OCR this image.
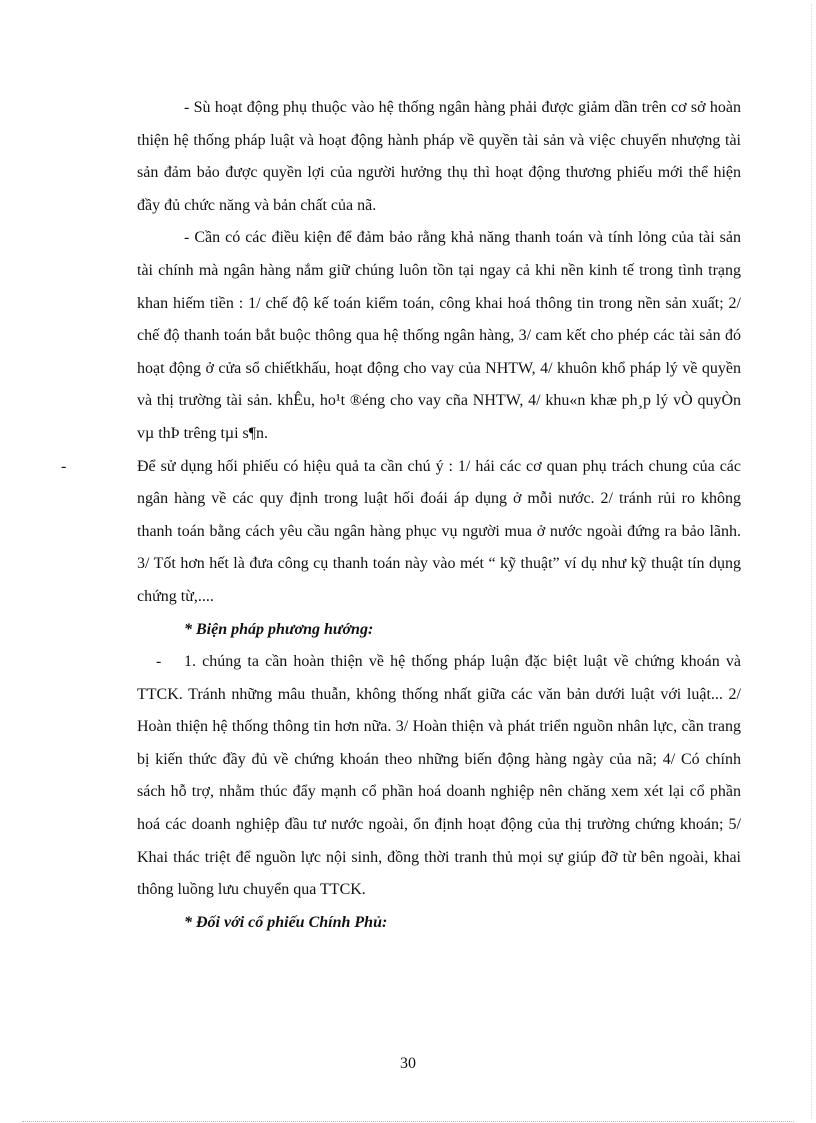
- Sù hoạt động phụ thuộc vào hệ thống ngân hàng phải được giảm dần trên cơ sở hoàn thiện hệ thống pháp luật và hoạt động hành pháp về quyền tài sản và việc chuyển nhượng tài sản đảm bảo được quyền lợi của người hưởng thụ thì hoạt động thương phiếu mới thể hiện đầy đủ chức năng và bản chất của nã.

- Cần có các điều kiện để đảm bảo rằng khả năng thanh toán và tính lỏng của tài sản tài chính mà ngân hàng nắm giữ chúng luôn tồn tại ngay cả khi nền kinh tế trong tình trạng khan hiếm tiền : 1/ chế độ kế toán kiểm toán, công khai hoá thông tin trong nền sản xuất; 2/ chế độ thanh toán bắt buộc thông qua hệ thống ngân hàng, 3/ cam kết cho phép các tài sản đó hoạt động ở cửa sổ chiếtkhấu, hoạt động cho vay của NHTW, 4/ khuôn khổ pháp lý về quyền và thị trường tài sản. khÊu, ho¹t ®éng cho vay cña NHTW, 4/ khu«n khæ ph¸p lý vÒ quyÒn vµ thÞ trêng tµi s¶n.

-	Để sử dụng hối phiếu có hiệu quả ta cần chú ý : 1/ hái các cơ quan phụ trách chung của các ngân hàng về các quy định trong luật hối đoái áp dụng ở mỗi nước. 2/ tránh rủi ro không thanh toán bằng cách yêu cầu ngân hàng phục vụ người mua ở nước ngoài đứng ra bảo lãnh. 3/ Tốt hơn hết là đưa công cụ thanh toán này vào mét “ kỹ thuật” ví dụ như kỹ thuật tín dụng chứng từ,....

* Biện pháp phương hướng:

- 1. chúng ta cần hoàn thiện về hệ thống pháp luận đặc biệt luật về chứng khoán và TTCK. Tránh những mâu thuẫn, không thống nhất giữa các văn bản dưới luật với luật... 2/ Hoàn thiện hệ thống thông tin hơn nữa. 3/ Hoàn thiện và phát triển nguồn nhân lực, cần trang bị kiến thức đầy đủ về chứng khoán theo những biến động hàng ngày của nã; 4/ Có chính sách hỗ trợ, nhằm thúc đẩy mạnh cổ phần hoá doanh nghiệp nên chăng xem xét lại cổ phần hoá các doanh nghiệp đầu tư nước ngoài, ổn định hoạt động của thị trường chứng khoán; 5/ Khai thác triệt để nguồn lực nội sinh, đồng thời tranh thủ mọi sự giúp đỡ từ bên ngoài, khai thông luồng lưu chuyển qua TTCK.

* Đối với cổ phiếu Chính Phủ:

30
